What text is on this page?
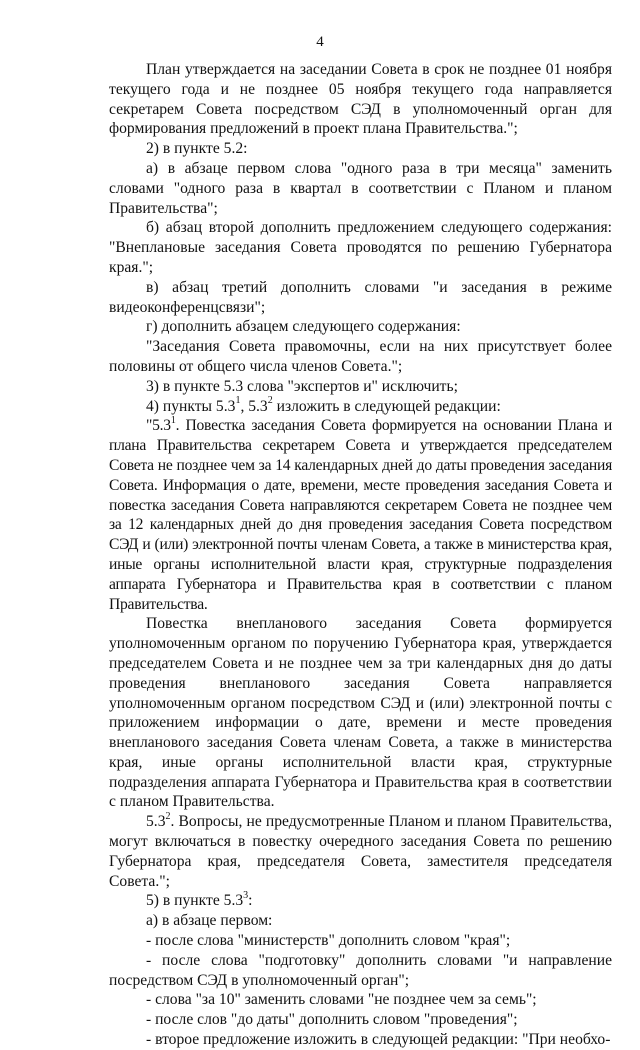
4

План утверждается на заседании Совета в срок не позднее 01 ноября текущего года и не позднее 05 ноября текущего года направляется секретарем Совета посредством СЭД в уполномоченный орган для формирования предложений в проект плана Правительства.";

2) в пункте 5.2:

а) в абзаце первом слова "одного раза в три месяца" заменить словами "одного раза в квартал в соответствии с Планом и планом Правительства";

б) абзац второй дополнить предложением следующего содержания: "Внеплановые заседания Совета проводятся по решению Губернатора края.";

в) абзац третий дополнить словами "и заседания в режиме видеоконференцсвязи";

г) дополнить абзацем следующего содержания:

"Заседания Совета правомочны, если на них присутствует более половины от общего числа членов Совета.";

3) в пункте 5.3 слова "экспертов и" исключить;

4) пункты $5.3^1$, $5.3^2$ изложить в следующей редакции:

"$5.3^1$. Повестка заседания Совета формируется на основании Плана и плана Правительства секретарем Совета и утверждается председателем Совета не позднее чем за 14 календарных дней до даты проведения заседания Совета. Информация о дате, времени, месте проведения заседания Совета и повестка заседания Совета направляются секретарем Совета не позднее чем за 12 календарных дней до дня проведения заседания Совета посредством СЭД и (или) электронной почты членам Совета, а также в министерства края, иные органы исполнительной власти края, структурные подразделения аппарата Губернатора и Правительства края в соответствии с планом Правительства.

Повестка внепланового заседания Совета формируется уполномоченным органом по поручению Губернатора края, утверждается председателем Совета и не позднее чем за три календарных дня до даты проведения внепланового заседания Совета направляется уполномоченным органом посредством СЭД и (или) электронной почты с приложением информации о дате, времени и месте проведения внепланового заседания Совета членам Совета, а также в министерства края, иные органы исполнительной власти края, структурные подразделения аппарата Губернатора и Правительства края в соответствии с планом Правительства.

$5.3^2$. Вопросы, не предусмотренные Планом и планом Правительства, могут включаться в повестку очередного заседания Совета по решению Губернатора края, председателя Совета, заместителя председателя Совета.";

5) в пункте $5.3^3$:

а) в абзаце первом:

- после слова "министерств" дополнить словом "края";

- после слова "подготовку" дополнить словами "и направление посредством СЭД в уполномоченный орган";

- слова "за 10" заменить словами "не позднее чем за семь";

- после слов "до даты" дополнить словом "проведения";

- второе предложение изложить в следующей редакции: "При необхо-
